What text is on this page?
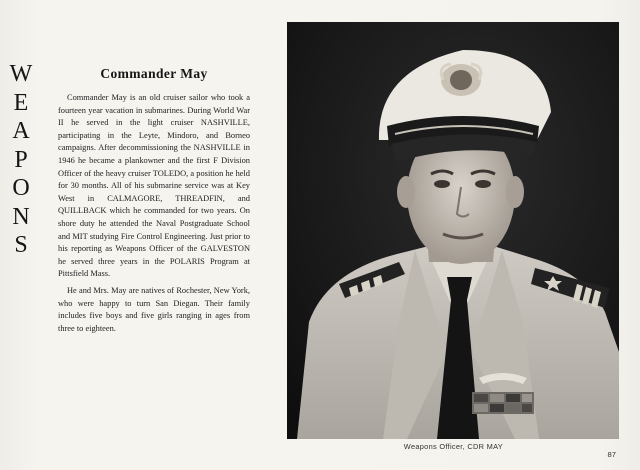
W
E
A
P
O
N
S
Commander May

Commander May is an old cruiser sailor who took a fourteen year vacation in submarines. During World War II he served in the light cruiser NASHVILLE, participating in the Leyte, Mindoro, and Borneo campaigns. After decommissioning the NASHVILLE in 1946 he became a plankowner and the first F Division Officer of the heavy cruiser TOLEDO, a position he held for 30 months. All of his submarine service was at Key West in CALMAGORE, THREADFIN, and QUILLBACK which he commanded for two years. On shore duty he attended the Naval Postgraduate School and MIT studying Fire Control Engineering. Just prior to his reporting as Weapons Officer of the GALVESTON he served three years in the POLARIS Program at Pittsfield Mass.

He and Mrs. May are natives of Rochester, New York, who were happy to turn San Diegan. Their family includes five boys and five girls ranging in ages from three to eighteen.

Weapons Officer, CDR MAY
87
